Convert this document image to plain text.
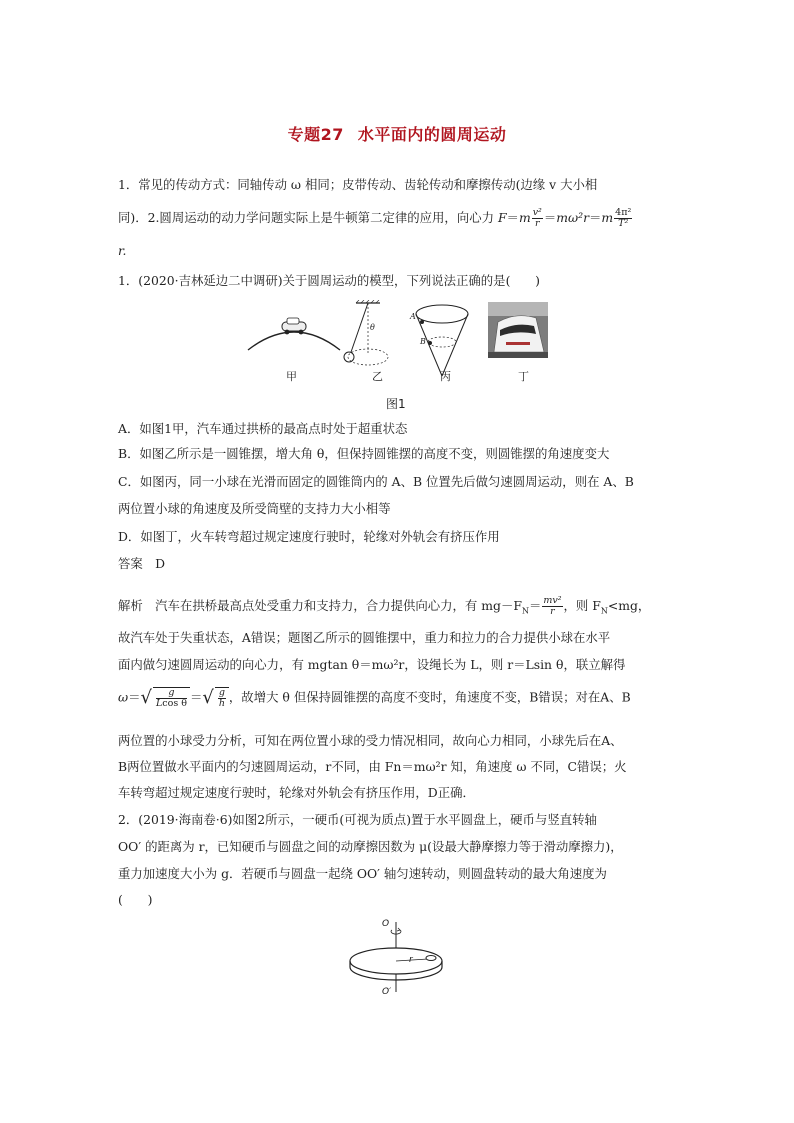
专题27 水平面内的圆周运动
1．常见的传动方式：同轴传动 ω 相同；皮带传动、齿轮传动和摩擦传动(边缘 v 大小相
同)．2.圆周运动的动力学问题实际上是牛顿第二定律的应用，向心力 $F=m \frac{\text{v²}}{r} =m\omega^2r=m \frac{\text{4π²}}{\text{T²}}$
r.
1．(2020·吉林延边二中调研)关于圆周运动的模型，下列说法正确的是(　　)
θ
A
B
甲	乙	丙	丁
图1
A．如图1甲，汽车通过拱桥的最高点时处于超重状态
B．如图乙所示是一圆锥摆，增大角 θ，但保持圆锥摆的高度不变，则圆锥摆的角速度变大
C．如图丙，同一小球在光滑而固定的圆锥筒内的 A、B 位置先后做匀速圆周运动，则在 A、B
两位置小球的角速度及所受筒壁的支持力大小相等
D．如图丁，火车转弯超过规定速度行驶时，轮缘对外轨会有挤压作用
答案　D
解析　汽车在拱桥最高点处受重力和支持力，合力提供向心力，有 $mg-F_N= \frac{\text{mv²}}{r}$ ，则 $F_N<mg$，
故汽车处于失重状态，A错误；题图乙所示的圆锥摆中，重力和拉力的合力提供小球在水平
面内做匀速圆周运动的向心力，有 mgtan θ＝mω²r，设绳长为 L，则 r＝Lsin θ，联立解得
$\omega=√ \frac{g}{\text{Lcos θ}}$ ＝√ $\frac{g}{h}$ ，故增大 θ 但保持圆锥摆的高度不变时，角速度不变，B错误；对在A、B
两位置的小球受力分析，可知在两位置小球的受力情况相同，故向心力相同，小球先后在A、
B两位置做水平面内的匀速圆周运动，r不同，由 Fn＝mω²r 知，角速度 ω 不同，C错误；火
车转弯超过规定速度行驶时，轮缘对外轨会有挤压作用，D正确．
2．(2019·海南卷·6)如图2所示，一硬币(可视为质点)置于水平圆盘上，硬币与竖直转轴
OO′ 的距离为 r，已知硬币与圆盘之间的动摩擦因数为 μ(设最大静摩擦力等于滑动摩擦力)，
重力加速度大小为 g．若硬币与圆盘一起绕 OO′ 轴匀速转动，则圆盘转动的最大角速度为
(　　)
O
r
O′
